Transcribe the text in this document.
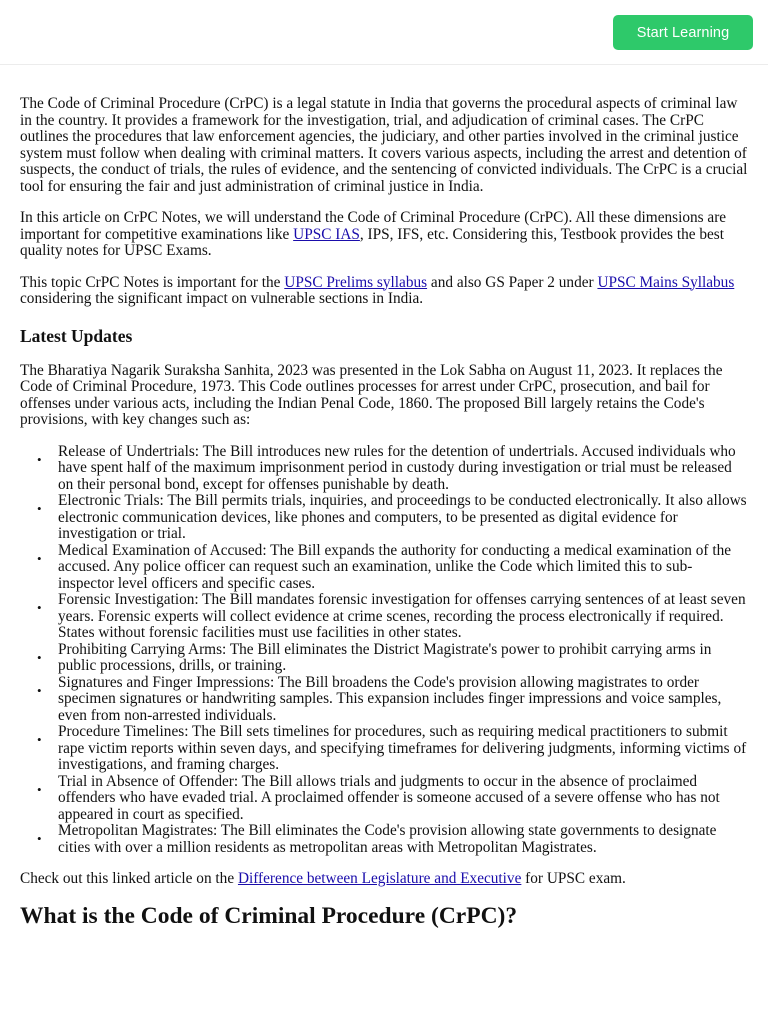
Start Learning

The Code of Criminal Procedure (CrPC) is a legal statute in India that governs the procedural aspects of criminal law in the country. It provides a framework for the investigation, trial, and adjudication of criminal cases. The CrPC outlines the procedures that law enforcement agencies, the judiciary, and other parties involved in the criminal justice system must follow when dealing with criminal matters. It covers various aspects, including the arrest and detention of suspects, the conduct of trials, the rules of evidence, and the sentencing of convicted individuals. The CrPC is a crucial tool for ensuring the fair and just administration of criminal justice in India.

In this article on CrPC Notes, we will understand the Code of Criminal Procedure (CrPC). All these dimensions are important for competitive examinations like UPSC IAS, IPS, IFS, etc. Considering this, Testbook provides the best quality notes for UPSC Exams.

This topic CrPC Notes is important for the UPSC Prelims syllabus and also GS Paper 2 under UPSC Mains Syllabus considering the significant impact on vulnerable sections in India.

Latest Updates

The Bharatiya Nagarik Suraksha Sanhita, 2023 was presented in the Lok Sabha on August 11, 2023. It replaces the Code of Criminal Procedure, 1973. This Code outlines processes for arrest under CrPC, prosecution, and bail for offenses under various acts, including the Indian Penal Code, 1860. The proposed Bill largely retains the Code's provisions, with key changes such as:

• Release of Undertrials: The Bill introduces new rules for the detention of undertrials. Accused individuals who have spent half of the maximum imprisonment period in custody during investigation or trial must be released on their personal bond, except for offenses punishable by death.
• Electronic Trials: The Bill permits trials, inquiries, and proceedings to be conducted electronically. It also allows electronic communication devices, like phones and computers, to be presented as digital evidence for investigation or trial.
• Medical Examination of Accused: The Bill expands the authority for conducting a medical examination of the accused. Any police officer can request such an examination, unlike the Code which limited this to sub-inspector level officers and specific cases.
• Forensic Investigation: The Bill mandates forensic investigation for offenses carrying sentences of at least seven years. Forensic experts will collect evidence at crime scenes, recording the process electronically if required. States without forensic facilities must use facilities in other states.
• Prohibiting Carrying Arms: The Bill eliminates the District Magistrate's power to prohibit carrying arms in public processions, drills, or training.
• Signatures and Finger Impressions: The Bill broadens the Code's provision allowing magistrates to order specimen signatures or handwriting samples. This expansion includes finger impressions and voice samples, even from non-arrested individuals.
• Procedure Timelines: The Bill sets timelines for procedures, such as requiring medical practitioners to submit rape victim reports within seven days, and specifying timeframes for delivering judgments, informing victims of investigations, and framing charges.
• Trial in Absence of Offender: The Bill allows trials and judgments to occur in the absence of proclaimed offenders who have evaded trial. A proclaimed offender is someone accused of a severe offense who has not appeared in court as specified.
• Metropolitan Magistrates: The Bill eliminates the Code's provision allowing state governments to designate cities with over a million residents as metropolitan areas with Metropolitan Magistrates.

Check out this linked article on the Difference between Legislature and Executive for UPSC exam.

What is the Code of Criminal Procedure (CrPC)?
